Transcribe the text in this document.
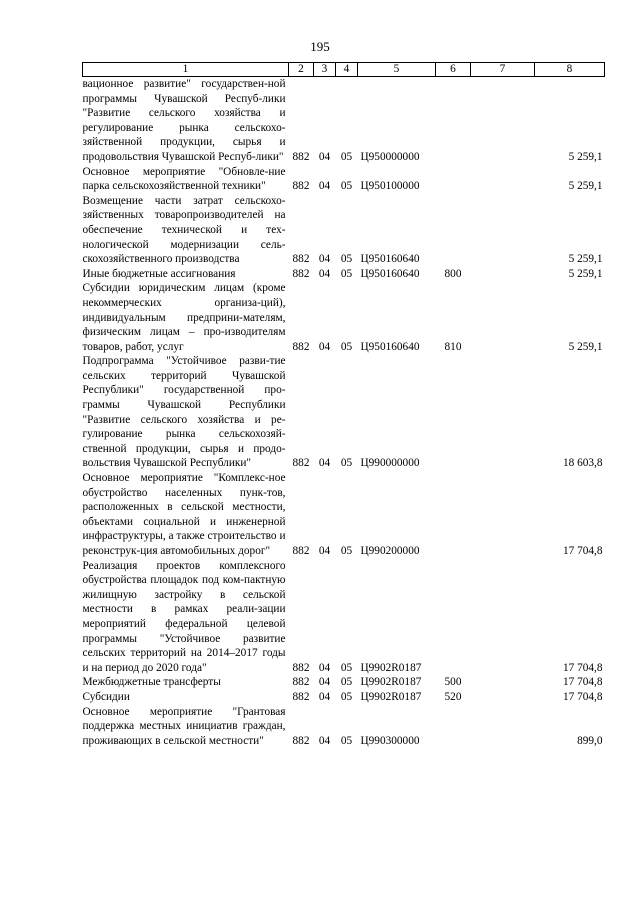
195
1	2	3	4	5	6	7	8
вационное развитие" государствен-ной программы Чувашской Респуб-лики "Развитие сельского хозяйства и регулирование рынка сельскохо-зяйственной продукции, сырья и продовольствия Чувашской Респуб-лики"	882	04	05	Ц950000000			5 259,1
Основное мероприятие "Обновле-ние парка сельскохозяйственной техники"	882	04	05	Ц950100000			5 259,1
Возмещение части затрат сельскохо-зяйственных товаропроизводителей на обеспечение технической и тех-нологической модернизации сель-скохозяйственного производства	882	04	05	Ц950160640			5 259,1
Иные бюджетные ассигнования	882	04	05	Ц950160640	800		5 259,1
Субсидии юридическим лицам (кроме некоммерческих организа-ций), индивидуальным предприни-мателям, физическим лицам – про-изводителям товаров, работ, услуг	882	04	05	Ц950160640	810		5 259,1
Подпрограмма "Устойчивое разви-тие сельских территорий Чувашской Республики" государственной про-граммы Чувашской Республики "Развитие сельского хозяйства и ре-гулирование рынка сельскохозяй-ственной продукции, сырья и продо-вольствия Чувашской Республики"	882	04	05	Ц990000000			18 603,8
Основное мероприятие "Комплекс-ное обустройство населенных пунк-тов, расположенных в сельской местности, объектами социальной и инженерной инфраструктуры, а также строительство и реконструк-ция автомобильных дорог"	882	04	05	Ц990200000			17 704,8
Реализация проектов комплексного обустройства площадок под ком-пактную жилищную застройку в сельской местности в рамках реали-зации мероприятий федеральной целевой программы "Устойчивое развитие сельских территорий на 2014–2017 годы и на период до 2020 года"	882	04	05	Ц9902R0187			17 704,8
Межбюджетные трансферты	882	04	05	Ц9902R0187	500		17 704,8
Субсидии	882	04	05	Ц9902R0187	520		17 704,8
Основное мероприятие "Грантовая поддержка местных инициатив граждан, проживающих в сельской местности"	882	04	05	Ц990300000			899,0
